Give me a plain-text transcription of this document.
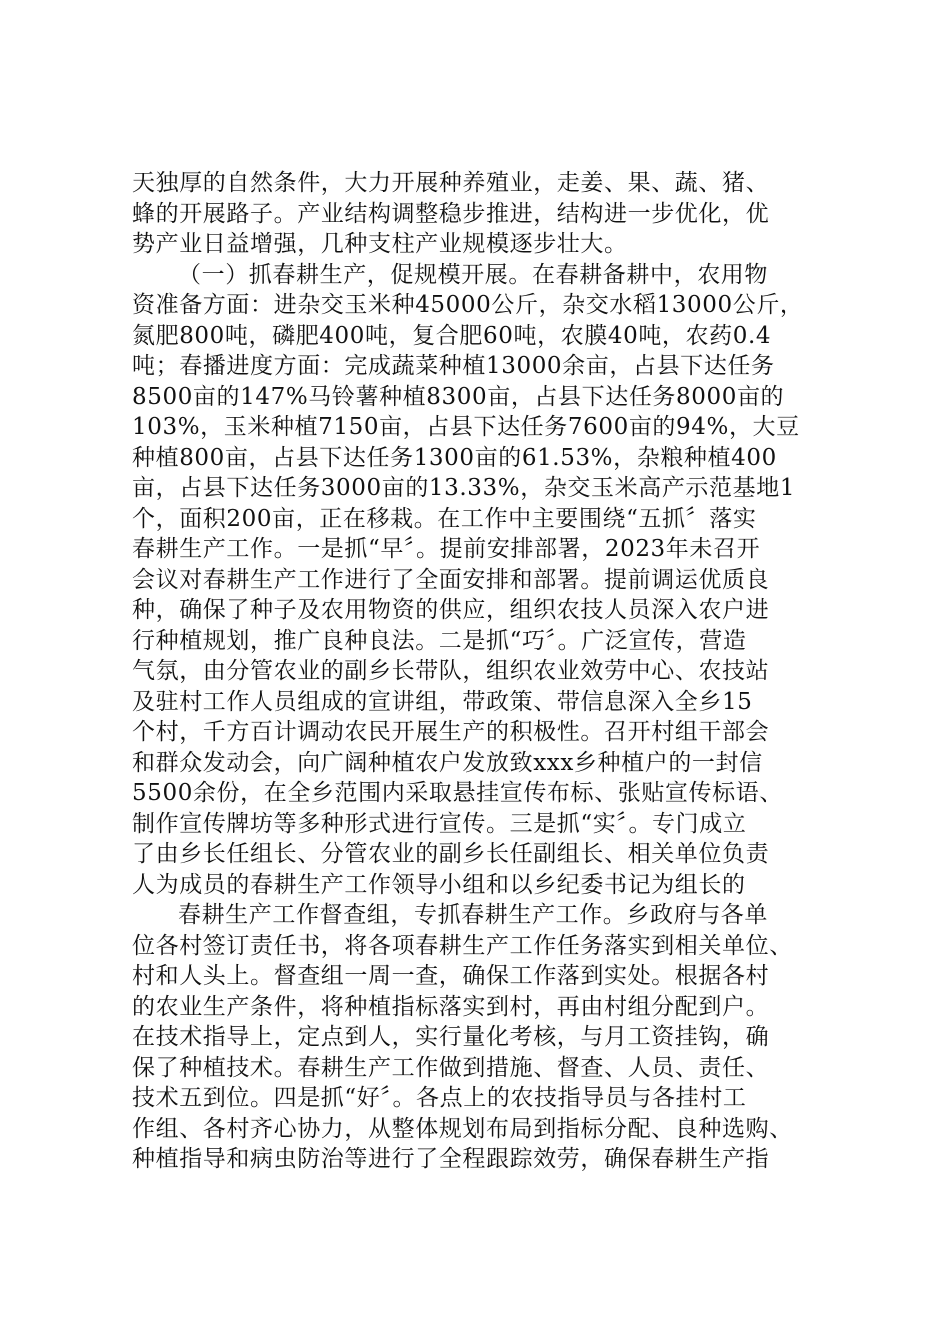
天独厚的自然条件，大力开展种养殖业，走姜、果、蔬、猪、
蜂的开展路子。产业结构调整稳步推进，结构进一步优化，优
势产业日益增强，几种支柱产业规模逐步壮大。
（一）抓春耕生产，促规模开展。在春耕备耕中，农用物
资准备方面：进杂交玉米种45000公斤，杂交水稻13000公斤，
氮肥800吨，磷肥400吨，复合肥60吨，农膜40吨，农药0.4
吨；春播进度方面：完成蔬菜种植13000余亩，占县下达任务
8500亩的147%马铃薯种植8300亩，占县下达任务8000亩的
103%，玉米种植7150亩，占县下达任务7600亩的94%，大豆
种植800亩，占县下达任务1300亩的61.53%，杂粮种植400
亩，占县下达任务3000亩的13.33%，杂交玉米高产示范基地1
个，面积200亩，正在移栽。在工作中主要围绕“五抓〞落实
春耕生产工作。一是抓“早〞。提前安排部署，2023年未召开
会议对春耕生产工作进行了全面安排和部署。提前调运优质良
种，确保了种子及农用物资的供应，组织农技人员深入农户进
行种植规划，推广良种良法。二是抓“巧〞。广泛宣传，营造
气氛，由分管农业的副乡长带队，组织农业效劳中心、农技站
及驻村工作人员组成的宣讲组，带政策、带信息深入全乡15
个村，千方百计调动农民开展生产的积极性。召开村组干部会
和群众发动会，向广阔种植农户发放致xxx乡种植户的一封信
5500余份，在全乡范围内采取悬挂宣传布标、张贴宣传标语、
制作宣传牌坊等多种形式进行宣传。三是抓“实〞。专门成立
了由乡长任组长、分管农业的副乡长任副组长、相关单位负责
人为成员的春耕生产工作领导小组和以乡纪委书记为组长的
春耕生产工作督查组，专抓春耕生产工作。乡政府与各单
位各村签订责任书，将各项春耕生产工作任务落实到相关单位、
村和人头上。督查组一周一查，确保工作落到实处。根据各村
的农业生产条件，将种植指标落实到村，再由村组分配到户。
在技术指导上，定点到人，实行量化考核，与月工资挂钩，确
保了种植技术。春耕生产工作做到措施、督查、人员、责任、
技术五到位。四是抓“好〞。各点上的农技指导员与各挂村工
作组、各村齐心协力，从整体规划布局到指标分配、良种选购、
种植指导和病虫防治等进行了全程跟踪效劳，确保春耕生产指
